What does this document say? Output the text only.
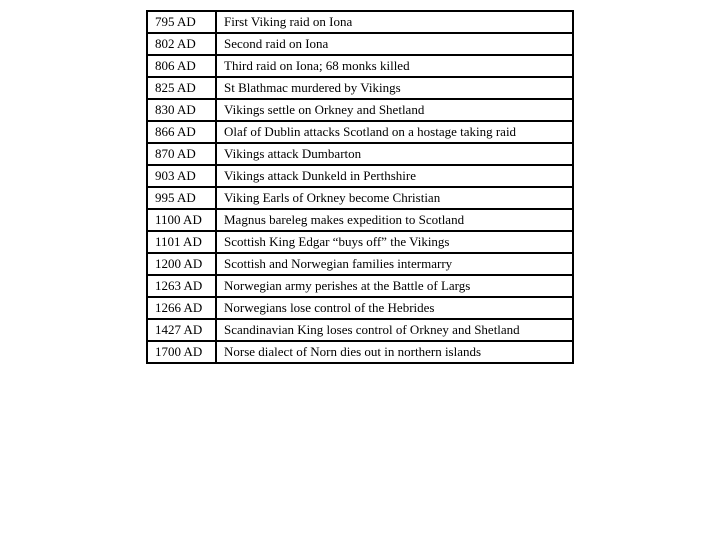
795 AD	First Viking raid on Iona
802 AD	Second raid on Iona
806 AD	Third raid on Iona; 68 monks killed
825 AD	St Blathmac murdered by Vikings
830 AD	Vikings settle on Orkney and Shetland
866 AD	Olaf of Dublin attacks Scotland on a hostage taking raid
870 AD	Vikings attack Dumbarton
903 AD	Vikings attack Dunkeld in Perthshire
995 AD	Viking Earls of Orkney become Christian
1100 AD	Magnus bareleg makes expedition to Scotland
1101 AD	Scottish King Edgar “buys off” the Vikings
1200 AD	Scottish and Norwegian families intermarry
1263 AD	Norwegian army perishes at the Battle of Largs
1266 AD	Norwegians lose control of the Hebrides
1427 AD	Scandinavian King loses control of Orkney and Shetland
1700 AD	Norse dialect of Norn dies out in northern islands
